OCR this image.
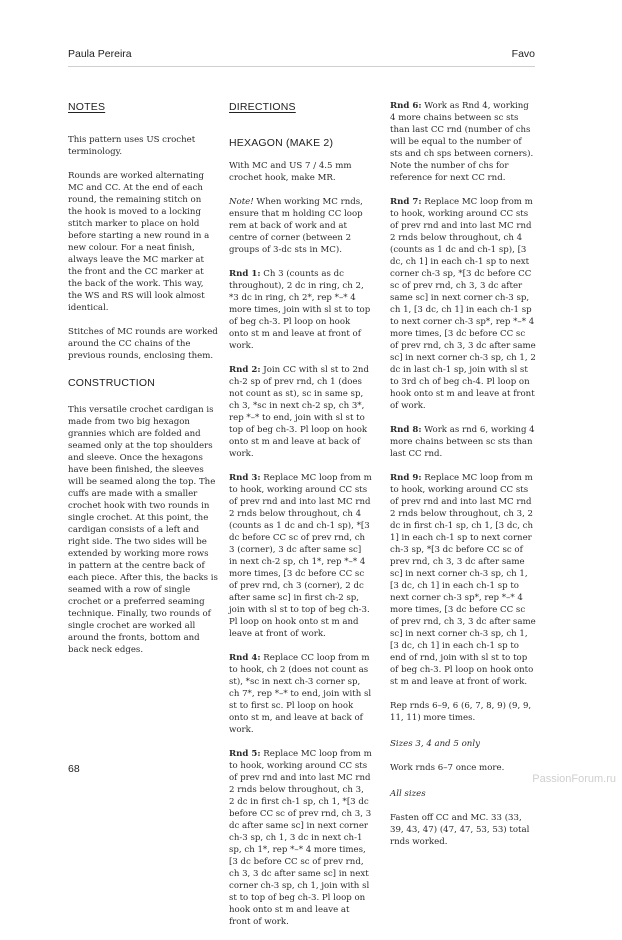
Paula Pereira	Favo
NOTES

This pattern uses US crochet terminology.

Rounds are worked alternating MC and CC. At the end of each round, the remaining stitch on the hook is moved to a locking stitch marker to place on hold before starting a new round in a new colour. For a neat finish, always leave the MC marker at the front and the CC marker at the back of the work. This way, the WS and RS will look almost identical.

Stitches of MC rounds are worked around the CC chains of the previous rounds, enclosing them.

CONSTRUCTION

This versatile crochet cardigan is made from two big hexagon grannies which are folded and seamed only at the top shoulders and sleeve. Once the hexagons have been finished, the sleeves will be seamed along the top. The cuffs are made with a smaller crochet hook with two rounds in single crochet. At this point, the cardigan consists of a left and right side. The two sides will be extended by working more rows in pattern at the centre back of each piece. After this, the backs is seamed with a row of single crochet or a preferred seaming technique. Finally, two rounds of single crochet are worked all around the fronts, bottom and back neck edges.

DIRECTIONS
HEXAGON (MAKE 2)

With MC and US 7 / 4.5 mm crochet hook, make MR.

Note! When working MC rnds, ensure that m holding CC loop rem at back of work and at centre of corner (between 2 groups of 3-dc sts in MC).

Rnd 1: Ch 3 (counts as dc throughout), 2 dc in ring, ch 2, *3 dc in ring, ch 2*, rep *–* 4 more times, join with sl st to top of beg ch-3. Pl loop on hook onto st m and leave at front of work.

Rnd 2: Join CC with sl st to 2nd ch-2 sp of prev rnd, ch 1 (does not count as st), sc in same sp, ch 3, *sc in next ch-2 sp, ch 3*, rep *–* to end, join with sl st to top of beg ch-3. Pl loop on hook onto st m and leave at back of work.

Rnd 3: Replace MC loop from m to hook, working around CC sts of prev rnd and into last MC rnd 2 rnds below throughout, ch 4 (counts as 1 dc and ch-1 sp), *[3 dc before CC sc of prev rnd, ch 3 (corner), 3 dc after same sc] in next ch-2 sp, ch 1*, rep *–* 4 more times, [3 dc before CC sc of prev rnd, ch 3 (corner), 2 dc after same sc] in first ch-2 sp, join with sl st to top of beg ch-3. Pl loop on hook onto st m and leave at front of work.

Rnd 4: Replace CC loop from m to hook, ch 2 (does not count as st), *sc in next ch-3 corner sp, ch 7*, rep *–* to end, join with sl st to first sc. Pl loop on hook onto st m, and leave at back of work.

Rnd 5: Replace MC loop from m to hook, working around CC sts of prev rnd and into last MC rnd 2 rnds below throughout, ch 3, 2 dc in first ch-1 sp, ch 1, *[3 dc before CC sc of prev rnd, ch 3, 3 dc after same sc] in next corner ch-3 sp, ch 1, 3 dc in next ch-1 sp, ch 1*, rep *–* 4 more times, [3 dc before CC sc of prev rnd, ch 3, 3 dc after same sc] in next corner ch-3 sp, ch 1, join with sl st to top of beg ch-3. Pl loop on hook onto st m and leave at front of work.

Rnd 6: Work as Rnd 4, working 4 more chains between sc sts than last CC rnd (number of chs will be equal to the number of sts and ch sps between corners). Note the number of chs for reference for next CC rnd.

Rnd 7: Replace MC loop from m to hook, working around CC sts of prev rnd and into last MC rnd 2 rnds below throughout, ch 4 (counts as 1 dc and ch-1 sp), [3 dc, ch 1] in each ch-1 sp to next corner ch-3 sp, *[3 dc before CC sc of prev rnd, ch 3, 3 dc after same sc] in next corner ch-3 sp, ch 1, [3 dc, ch 1] in each ch-1 sp to next corner ch-3 sp*, rep *–* 4 more times, [3 dc before CC sc of prev rnd, ch 3, 3 dc after same sc] in next corner ch-3 sp, ch 1, 2 dc in last ch-1 sp, join with sl st to 3rd ch of beg ch-4. Pl loop on hook onto st m and leave at front of work.

Rnd 8: Work as rnd 6, working 4 more chains between sc sts than last CC rnd.

Rnd 9: Replace MC loop from m to hook, working around CC sts of prev rnd and into last MC rnd 2 rnds below throughout, ch 3, 2 dc in first ch-1 sp, ch 1, [3 dc, ch 1] in each ch-1 sp to next corner ch-3 sp, *[3 dc before CC sc of prev rnd, ch 3, 3 dc after same sc] in next corner ch-3 sp, ch 1, [3 dc, ch 1] in each ch-1 sp to next corner ch-3 sp*, rep *–* 4 more times, [3 dc before CC sc of prev rnd, ch 3, 3 dc after same sc] in next corner ch-3 sp, ch 1, [3 dc, ch 1] in each ch-1 sp to end of rnd, join with sl st to top of beg ch-3. Pl loop on hook onto st m and leave at front of work.

Rep rnds 6–9, 6 (6, 7, 8, 9) (9, 9, 11, 11) more times.

Sizes 3, 4 and 5 only

Work rnds 6–7 once more.

All sizes

Fasten off CC and MC. 33 (33, 39, 43, 47) (47, 47, 53, 53) total rnds worked.

68
PassionForum.ru
